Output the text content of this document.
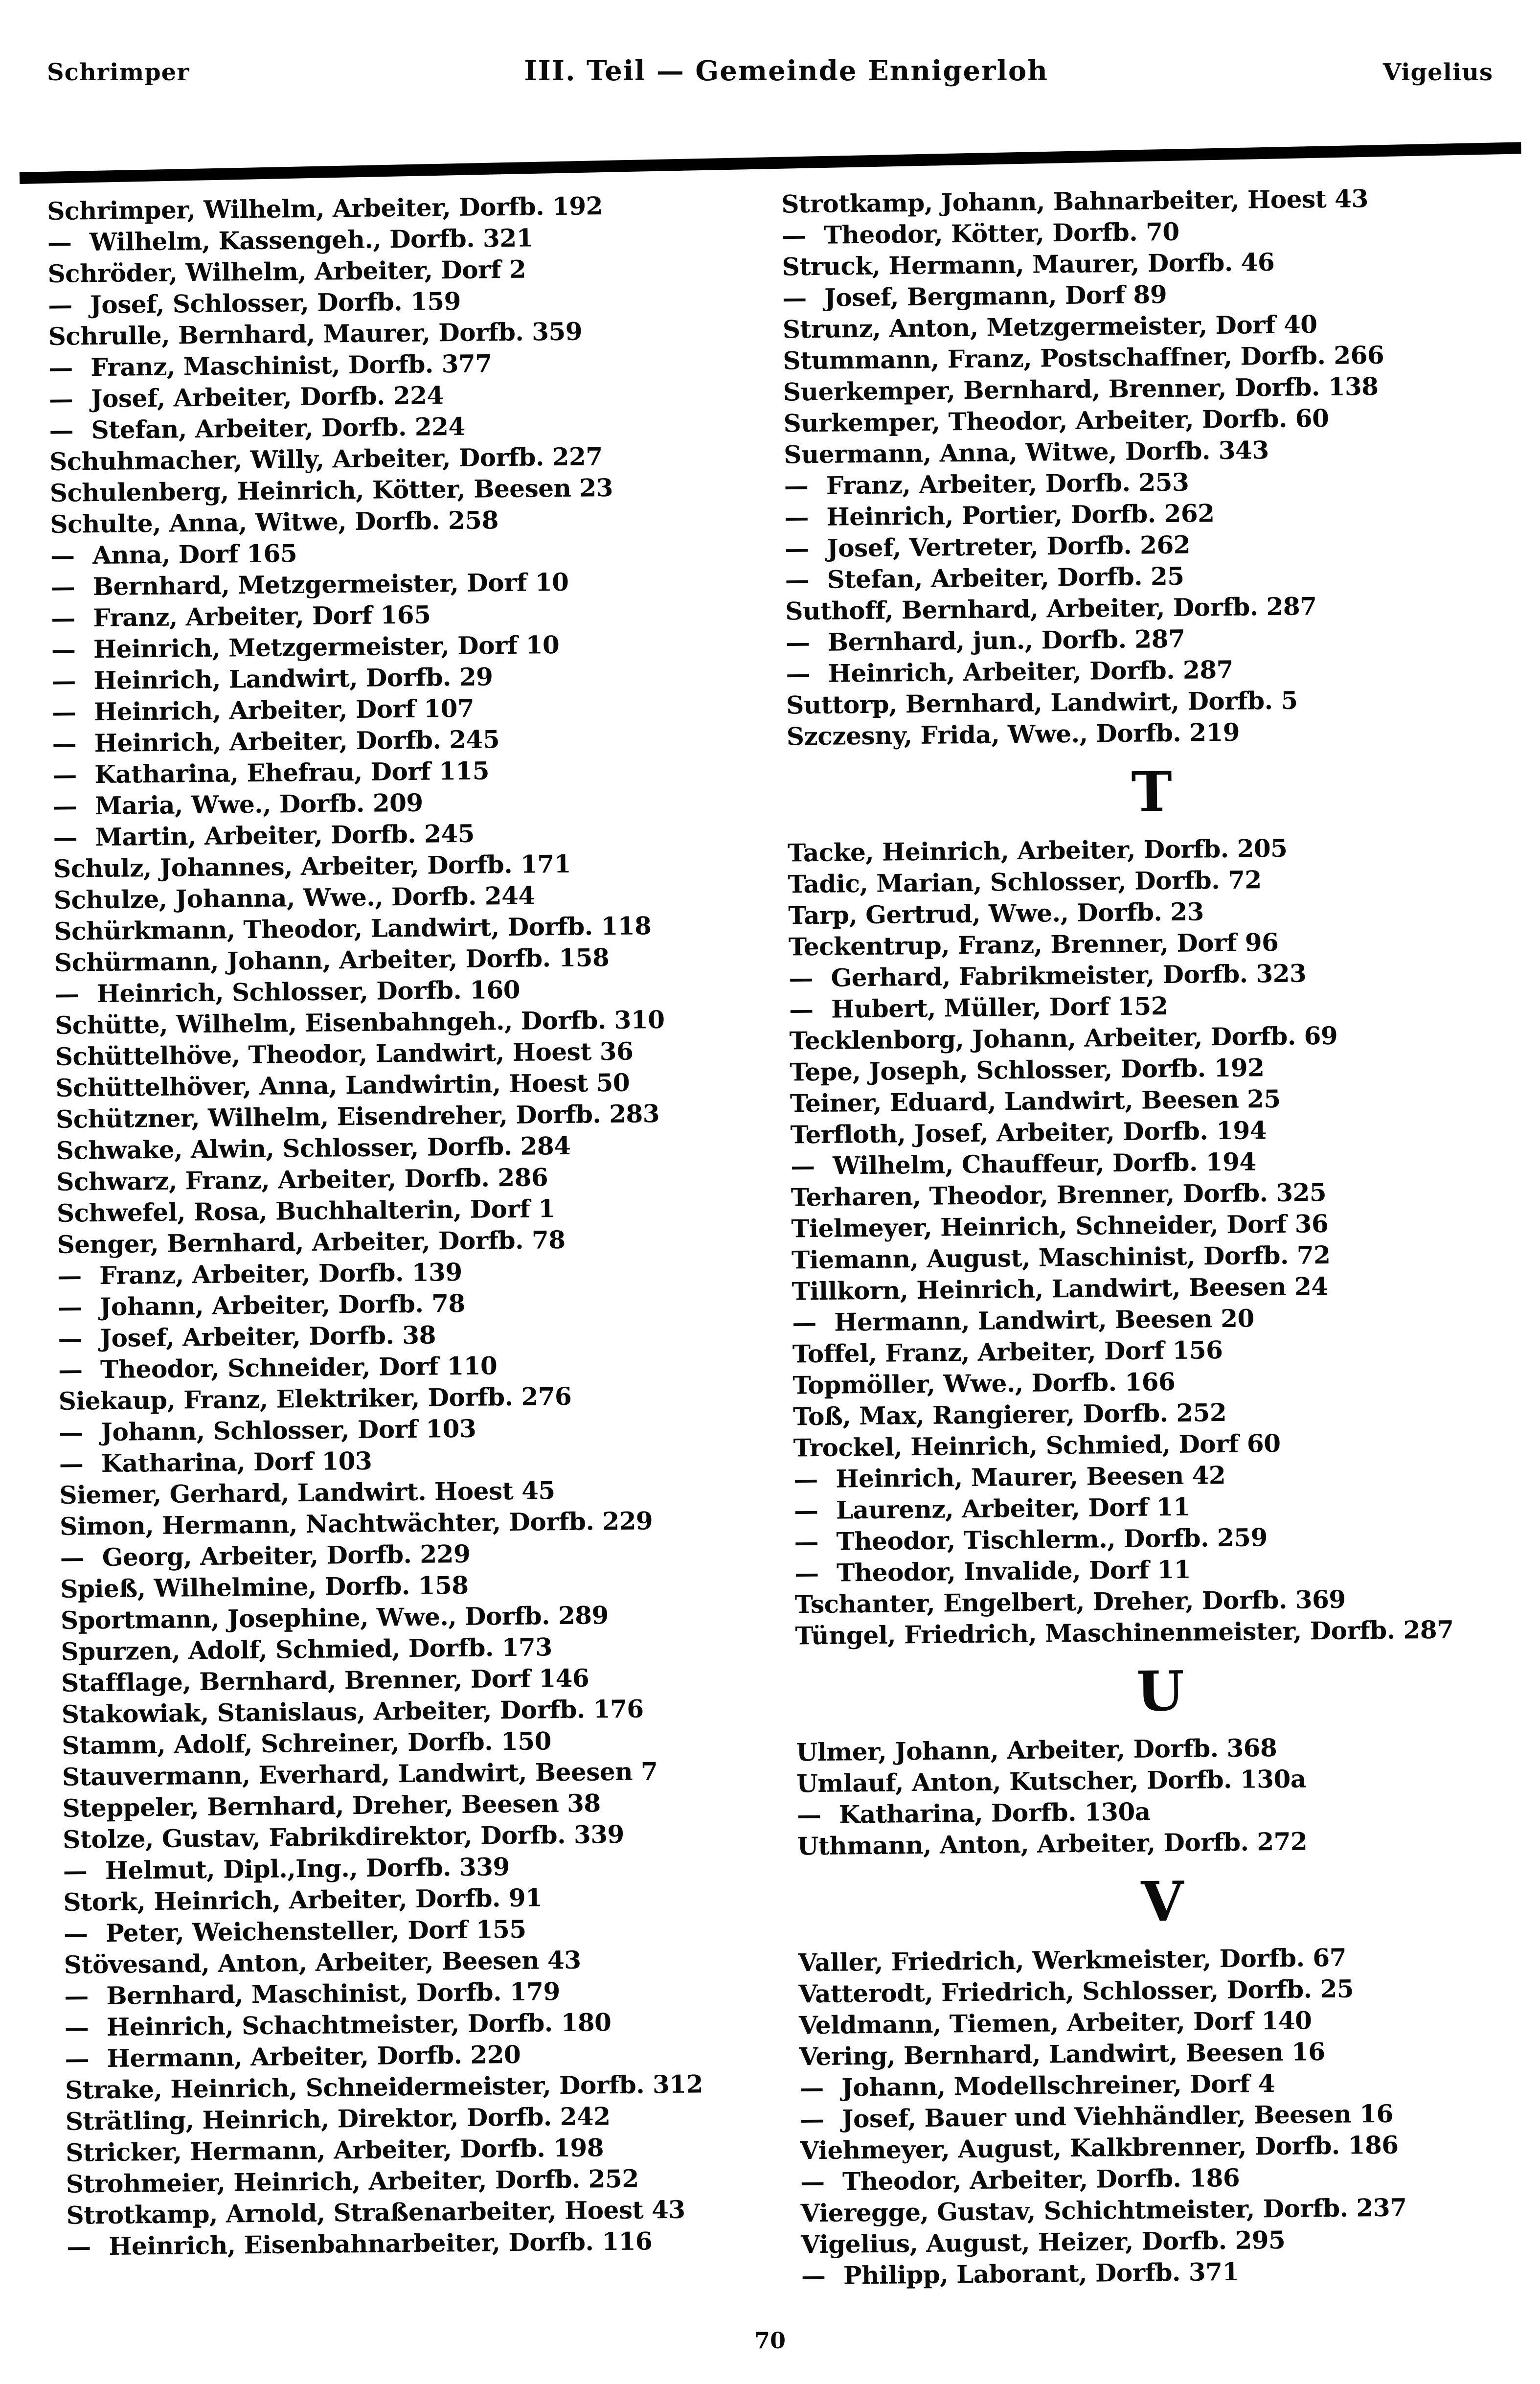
Schrimper	III. Teil — Gemeinde Ennigerloh	Vigelius
Schrimper, Wilhelm, Arbeiter, Dorfb. 192
— Wilhelm, Kassengeh., Dorfb. 321
Schröder, Wilhelm, Arbeiter, Dorf 2
— Josef, Schlosser, Dorfb. 159
Schrulle, Bernhard, Maurer, Dorfb. 359
— Franz, Maschinist, Dorfb. 377
— Josef, Arbeiter, Dorfb. 224
— Stefan, Arbeiter, Dorfb. 224
Schuhmacher, Willy, Arbeiter, Dorfb. 227
Schulenberg, Heinrich, Kötter, Beesen 23
Schulte, Anna, Witwe, Dorfb. 258
— Anna, Dorf 165
— Bernhard, Metzgermeister, Dorf 10
— Franz, Arbeiter, Dorf 165
— Heinrich, Metzgermeister, Dorf 10
— Heinrich, Landwirt, Dorfb. 29
— Heinrich, Arbeiter, Dorf 107
— Heinrich, Arbeiter, Dorfb. 245
— Katharina, Ehefrau, Dorf 115
— Maria, Wwe., Dorfb. 209
— Martin, Arbeiter, Dorfb. 245
Schulz, Johannes, Arbeiter, Dorfb. 171
Schulze, Johanna, Wwe., Dorfb. 244
Schürkmann, Theodor, Landwirt, Dorfb. 118
Schürmann, Johann, Arbeiter, Dorfb. 158
— Heinrich, Schlosser, Dorfb. 160
Schütte, Wilhelm, Eisenbahngeh., Dorfb. 310
Schüttelhöve, Theodor, Landwirt, Hoest 36
Schüttelhöver, Anna, Landwirtin, Hoest 50
Schützner, Wilhelm, Eisendreher, Dorfb. 283
Schwake, Alwin, Schlosser, Dorfb. 284
Schwarz, Franz, Arbeiter, Dorfb. 286
Schwefel, Rosa, Buchhalterin, Dorf 1
Senger, Bernhard, Arbeiter, Dorfb. 78
— Franz, Arbeiter, Dorfb. 139
— Johann, Arbeiter, Dorfb. 78
— Josef, Arbeiter, Dorfb. 38
— Theodor, Schneider, Dorf 110
Siekaup, Franz, Elektriker, Dorfb. 276
— Johann, Schlosser, Dorf 103
— Katharina, Dorf 103
Siemer, Gerhard, Landwirt. Hoest 45
Simon, Hermann, Nachtwächter, Dorfb. 229
— Georg, Arbeiter, Dorfb. 229
Spieß, Wilhelmine, Dorfb. 158
Sportmann, Josephine, Wwe., Dorfb. 289
Spurzen, Adolf, Schmied, Dorfb. 173
Stafflage, Bernhard, Brenner, Dorf 146
Stakowiak, Stanislaus, Arbeiter, Dorfb. 176
Stamm, Adolf, Schreiner, Dorfb. 150
Stauvermann, Everhard, Landwirt, Beesen 7
Steppeler, Bernhard, Dreher, Beesen 38
Stolze, Gustav, Fabrikdirektor, Dorfb. 339
— Helmut, Dipl.,Ing., Dorfb. 339
Stork, Heinrich, Arbeiter, Dorfb. 91
— Peter, Weichensteller, Dorf 155
Stövesand, Anton, Arbeiter, Beesen 43
— Bernhard, Maschinist, Dorfb. 179
— Heinrich, Schachtmeister, Dorfb. 180
— Hermann, Arbeiter, Dorfb. 220
Strake, Heinrich, Schneidermeister, Dorfb. 312
Strätling, Heinrich, Direktor, Dorfb. 242
Stricker, Hermann, Arbeiter, Dorfb. 198
Strohmeier, Heinrich, Arbeiter, Dorfb. 252
Strotkamp, Arnold, Straßenarbeiter, Hoest 43
— Heinrich, Eisenbahnarbeiter, Dorfb. 116
Strotkamp, Johann, Bahnarbeiter, Hoest 43
— Theodor, Kötter, Dorfb. 70
Struck, Hermann, Maurer, Dorfb. 46
— Josef, Bergmann, Dorf 89
Strunz, Anton, Metzgermeister, Dorf 40
Stummann, Franz, Postschaffner, Dorfb. 266
Suerkemper, Bernhard, Brenner, Dorfb. 138
Surkemper, Theodor, Arbeiter, Dorfb. 60
Suermann, Anna, Witwe, Dorfb. 343
— Franz, Arbeiter, Dorfb. 253
— Heinrich, Portier, Dorfb. 262
— Josef, Vertreter, Dorfb. 262
— Stefan, Arbeiter, Dorfb. 25
Suthoff, Bernhard, Arbeiter, Dorfb. 287
— Bernhard, jun., Dorfb. 287
— Heinrich, Arbeiter, Dorfb. 287
Suttorp, Bernhard, Landwirt, Dorfb. 5
Szczesny, Frida, Wwe., Dorfb. 219
T
Tacke, Heinrich, Arbeiter, Dorfb. 205
Tadic, Marian, Schlosser, Dorfb. 72
Tarp, Gertrud, Wwe., Dorfb. 23
Teckentrup, Franz, Brenner, Dorf 96
— Gerhard, Fabrikmeister, Dorfb. 323
— Hubert, Müller, Dorf 152
Tecklenborg, Johann, Arbeiter, Dorfb. 69
Tepe, Joseph, Schlosser, Dorfb. 192
Teiner, Eduard, Landwirt, Beesen 25
Terfloth, Josef, Arbeiter, Dorfb. 194
— Wilhelm, Chauffeur, Dorfb. 194
Terharen, Theodor, Brenner, Dorfb. 325
Tielmeyer, Heinrich, Schneider, Dorf 36
Tiemann, August, Maschinist, Dorfb. 72
Tillkorn, Heinrich, Landwirt, Beesen 24
— Hermann, Landwirt, Beesen 20
Toffel, Franz, Arbeiter, Dorf 156
Topmöller, Wwe., Dorfb. 166
Toß, Max, Rangierer, Dorfb. 252
Trockel, Heinrich, Schmied, Dorf 60
— Heinrich, Maurer, Beesen 42
— Laurenz, Arbeiter, Dorf 11
— Theodor, Tischlerm., Dorfb. 259
— Theodor, Invalide, Dorf 11
Tschanter, Engelbert, Dreher, Dorfb. 369
Tüngel, Friedrich, Maschinenmeister, Dorfb. 287
U
Ulmer, Johann, Arbeiter, Dorfb. 368
Umlauf, Anton, Kutscher, Dorfb. 130a
— Katharina, Dorfb. 130a
Uthmann, Anton, Arbeiter, Dorfb. 272
V
Valler, Friedrich, Werkmeister, Dorfb. 67
Vatterodt, Friedrich, Schlosser, Dorfb. 25
Veldmann, Tiemen, Arbeiter, Dorf 140
Vering, Bernhard, Landwirt, Beesen 16
— Johann, Modellschreiner, Dorf 4
— Josef, Bauer und Viehhändler, Beesen 16
Viehmeyer, August, Kalkbrenner, Dorfb. 186
— Theodor, Arbeiter, Dorfb. 186
Vieregge, Gustav, Schichtmeister, Dorfb. 237
Vigelius, August, Heizer, Dorfb. 295
— Philipp, Laborant, Dorfb. 371
70
